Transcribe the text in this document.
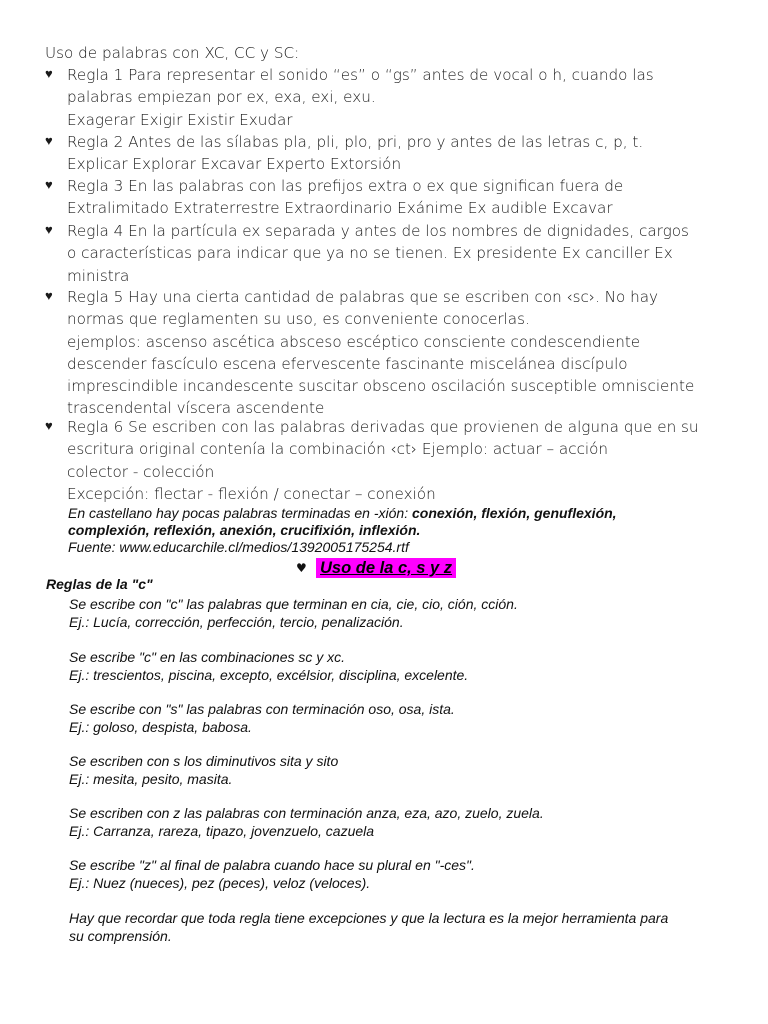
Uso de palabras con XC, CC y SC:
♥ Regla 1 Para representar el sonido “es” o “gs” antes de vocal o h, cuando las
palabras empiezan por ex, exa, exi, exu.
Exagerar Exigir Existir Exudar
♥ Regla 2 Antes de las sílabas pla, pli, plo, pri, pro y antes de las letras c, p, t.
Explicar Explorar Excavar Experto Extorsión
♥ Regla 3 En las palabras con las prefijos extra o ex que significan fuera de
Extralimitado Extraterrestre Extraordinario Exánime Ex audible Excavar
♥ Regla 4 En la partícula ex separada y antes de los nombres de dignidades, cargos
o características para indicar que ya no se tienen. Ex presidente Ex canciller Ex
ministra
♥ Regla 5 Hay una cierta cantidad de palabras que se escriben con ‹sc›. No hay
normas que reglamenten su uso, es conveniente conocerlas.
ejemplos: ascenso ascética absceso escéptico consciente condescendiente
descender fascículo escena efervescente fascinante miscelánea discípulo
imprescindible incandescente suscitar obsceno oscilación susceptible omnisciente
trascendental víscera ascendente
♥ Regla 6 Se escriben con las palabras derivadas que provienen de alguna que en su
escritura original contenía la combinación ‹ct› Ejemplo: actuar – acción
colector - colección
Excepción: flectar - flexión / conectar – conexión
En castellano hay pocas palabras terminadas en -xión: conexión, flexión, genuflexión,
complexión, reflexión, anexión, crucifixión, inflexión.
Fuente: www.educarchile.cl/medios/1392005175254.rtf
♥ Uso de la c, s y z
Reglas de la "c"
Se escribe con "c" las palabras que terminan en cia, cie, cio, ción, cción.
Ej.: Lucía, corrección, perfección, tercio, penalización.
Se escribe "c" en las combinaciones sc y xc.
Ej.: trescientos, piscina, excepto, excélsior, disciplina, excelente.
Se escribe con "s" las palabras con terminación oso, osa, ista.
Ej.: goloso, despista, babosa.
Se escriben con s los diminutivos sita y sito
Ej.: mesita, pesito, masita.
Se escriben con z las palabras con terminación anza, eza, azo, zuelo, zuela.
Ej.: Carranza, rareza, tipazo, jovenzuelo, cazuela
Se escribe "z" al final de palabra cuando hace su plural en "-ces".
Ej.: Nuez (nueces), pez (peces), veloz (veloces).
Hay que recordar que toda regla tiene excepciones y que la lectura es la mejor herramienta para
su comprensión.
